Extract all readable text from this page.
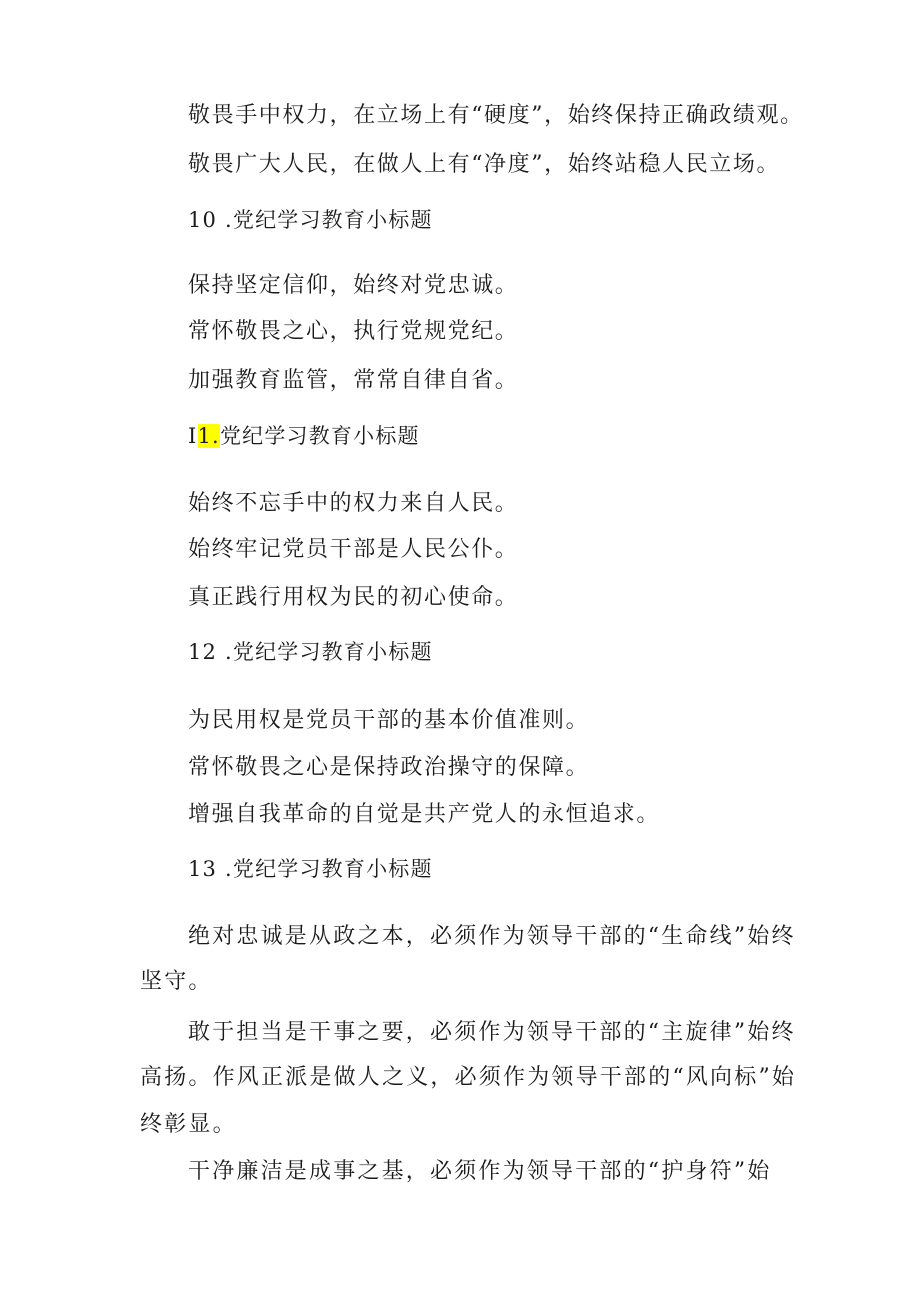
敬畏手中权力，在立场上有“硬度”，始终保持正确政绩观。
敬畏广大人民，在做人上有“净度”，始终站稳人民立场。
10 .党纪学习教育小标题
保持坚定信仰，始终对党忠诚。
常怀敬畏之心，执行党规党纪。
加强教育监管，常常自律自省。
I1.党纪学习教育小标题
始终不忘手中的权力来自人民。
始终牢记党员干部是人民公仆。
真正践行用权为民的初心使命。
12 .党纪学习教育小标题
为民用权是党员干部的基本价值准则。
常怀敬畏之心是保持政治操守的保障。
增强自我革命的自觉是共产党人的永恒追求。
13 .党纪学习教育小标题
绝对忠诚是从政之本，必须作为领导干部的“生命线”始终
坚守。
敢于担当是干事之要，必须作为领导干部的“主旋律”始终
高扬。作风正派是做人之义，必须作为领导干部的“风向标”始
终彰显。
干净廉洁是成事之基，必须作为领导干部的“护身符”始
